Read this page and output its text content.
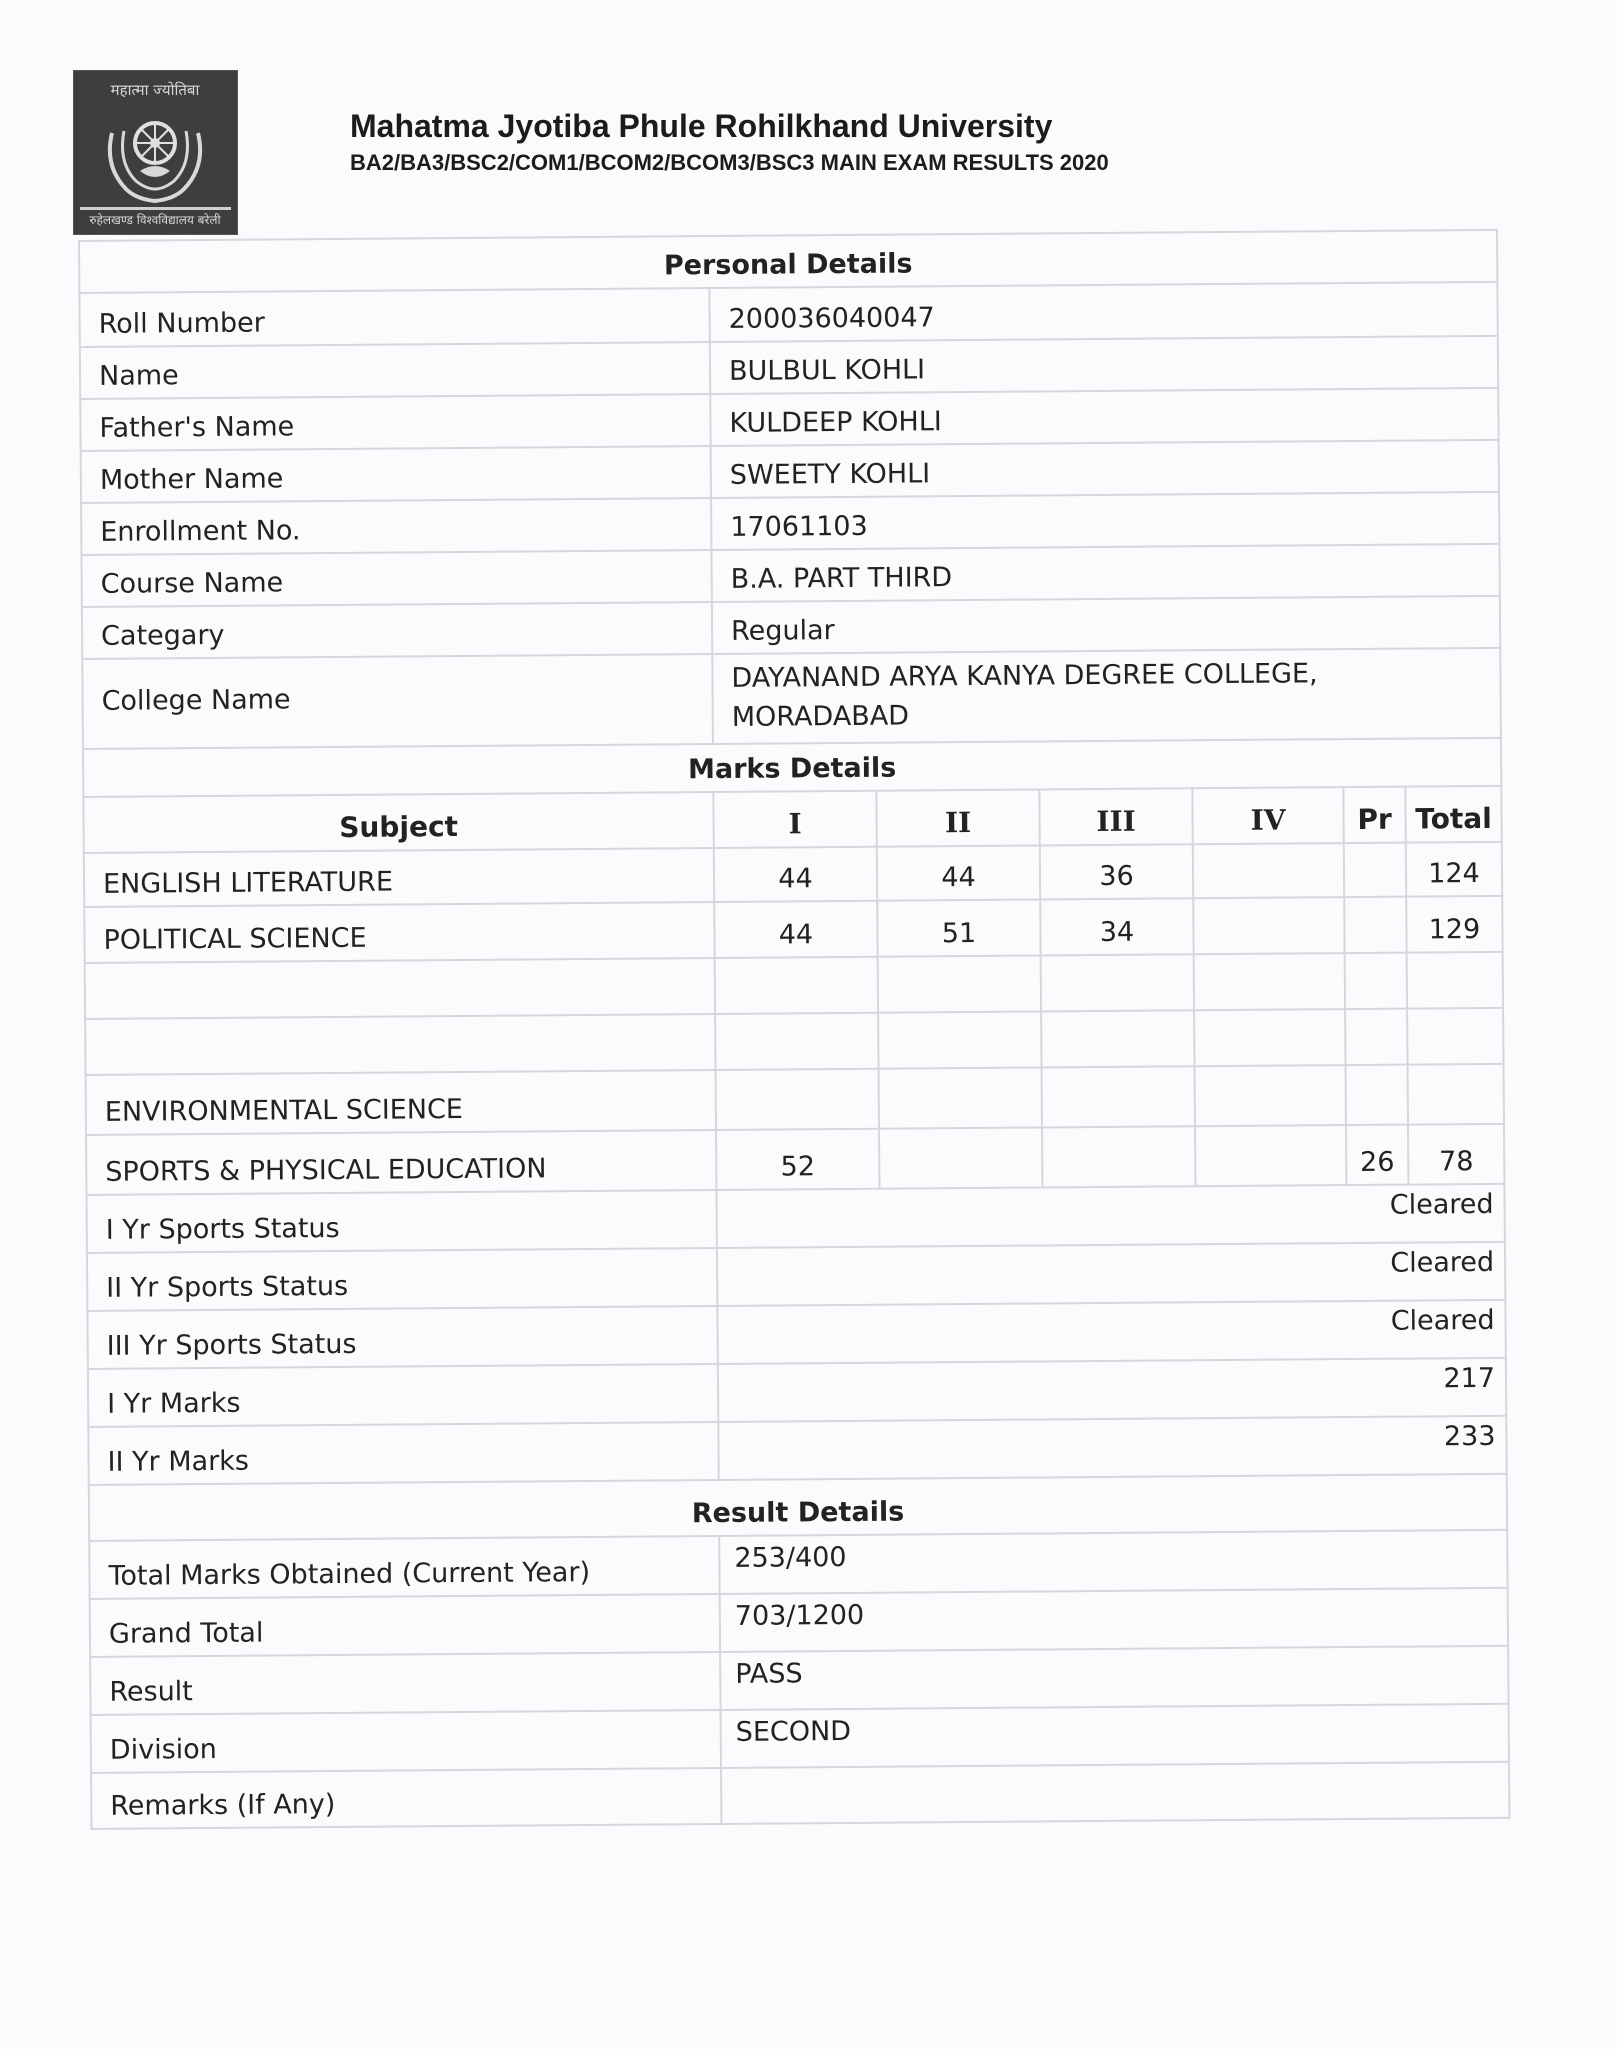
महात्मा ज्योतिबा
रुहेलखण्ड विश्वविद्यालय बरेली
Mahatma Jyotiba Phule Rohilkhand University
BA2/BA3/BSC2/COM1/BCOM2/BCOM3/BSC3 MAIN EXAM RESULTS 2020
Personal Details						
Roll Number	200036040047					
Name	BULBUL KOHLI					
Father's Name	KULDEEP KOHLI					
Mother Name	SWEETY KOHLI					
Enrollment No.	17061103					
Course Name	B.A. PART THIRD					
Categary	Regular					
College Name	DAYANAND ARYA KANYA DEGREE COLLEGE, MORADABAD					
Marks Details						
Subject	I	II	III	IV	Pr	Total
ENGLISH LITERATURE	44	44	36			124
POLITICAL SCIENCE	44	51	34			129

ENVIRONMENTAL SCIENCE						
SPORTS & PHYSICAL EDUCATION	52				26	78
I Yr Sports Status	Cleared					
II Yr Sports Status	Cleared					
III Yr Sports Status	Cleared					
I Yr Marks	217					
II Yr Marks	233					
Result Details						
Total Marks Obtained (Current Year)	253/400					
Grand Total	703/1200					
Result	PASS					
Division	SECOND					
Remarks (If Any)						
